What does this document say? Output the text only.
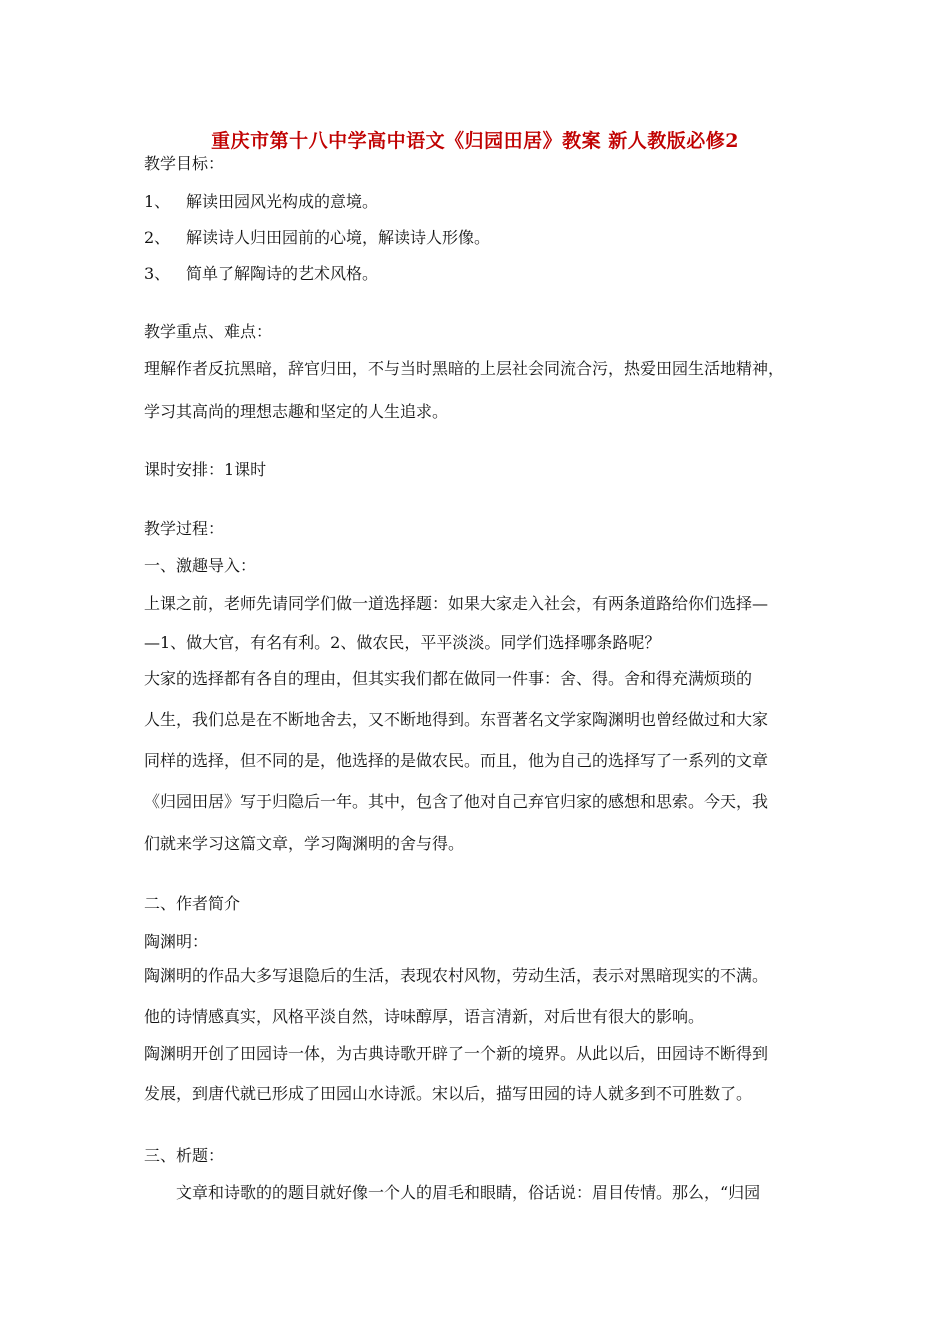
重庆市第十八中学高中语文《归园田居》教案 新人教版必修2
教学目标：
1、 解读田园风光构成的意境。
2、 解读诗人归田园前的心境，解读诗人形像。
3、 简单了解陶诗的艺术风格。
教学重点、难点：
理解作者反抗黑暗，辞官归田，不与当时黑暗的上层社会同流合污，热爱田园生活地精神，
学习其高尚的理想志趣和坚定的人生追求。
课时安排：1课时
教学过程：
一、激趣导入：
上课之前，老师先请同学们做一道选择题：如果大家走入社会，有两条道路给你们选择—
—1、做大官，有名有利。2、做农民，平平淡淡。同学们选择哪条路呢？
大家的选择都有各自的理由，但其实我们都在做同一件事：舍、得。舍和得充满烦琐的
人生，我们总是在不断地舍去，又不断地得到。东晋著名文学家陶渊明也曾经做过和大家
同样的选择，但不同的是，他选择的是做农民。而且，他为自己的选择写了一系列的文章
《归园田居》写于归隐后一年。其中，包含了他对自己弃官归家的感想和思索。今天，我
们就来学习这篇文章，学习陶渊明的舍与得。
二、作者简介
陶渊明：
陶渊明的作品大多写退隐后的生活，表现农村风物，劳动生活，表示对黑暗现实的不满。
他的诗情感真实，风格平淡自然，诗味醇厚，语言清新，对后世有很大的影响。
陶渊明开创了田园诗一体，为古典诗歌开辟了一个新的境界。从此以后，田园诗不断得到
发展，到唐代就已形成了田园山水诗派。宋以后，描写田园的诗人就多到不可胜数了。
三、析题：
文章和诗歌的的题目就好像一个人的眉毛和眼睛，俗话说：眉目传情。那么，“归园
